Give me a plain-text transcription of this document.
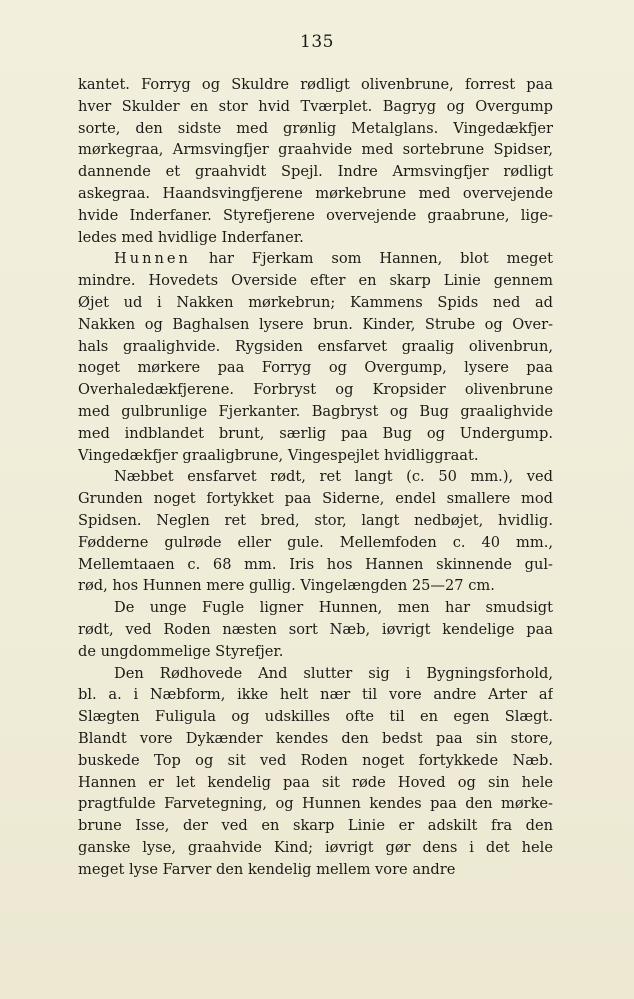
135
kantet. Forryg og Skuldre rødligt olivenbrune, forrest paa
hver Skulder en stor hvid Tværplet. Bagryg og Overgump
sorte, den sidste med grønlig Metalglans. Vingedækfjer
mørkegraa, Armsvingfjer graahvide med sortebrune Spidser,
dannende et graahvidt Spejl. Indre Armsvingfjer rødligt
askegraa. Haandsvingfjerene mørkebrune med overvejende
hvide Inderfaner. Styrefjerene overvejende graabrune, lige-
ledes med hvidlige Inderfaner.
Hunnen har Fjerkam som Hannen, blot meget
mindre. Hovedets Overside efter en skarp Linie gennem
Øjet ud i Nakken mørkebrun; Kammens Spids ned ad
Nakken og Baghalsen lysere brun. Kinder, Strube og Over-
hals graalighvide. Rygsiden ensfarvet graalig olivenbrun,
noget mørkere paa Forryg og Overgump, lysere paa
Overhaledækfjerene. Forbryst og Kropsider olivenbrune
med gulbrunlige Fjerkanter. Bagbryst og Bug graalighvide
med indblandet brunt, særlig paa Bug og Undergump.
Vingedækfjer graaligbrune, Vingespejlet hvidliggraat.
Næbbet ensfarvet rødt, ret langt (c. 50 mm.), ved
Grunden noget fortykket paa Siderne, endel smallere mod
Spidsen. Neglen ret bred, stor, langt nedbøjet, hvidlig.
Fødderne gulrøde eller gule. Mellemfoden c. 40 mm.,
Mellemtaaen c. 68 mm. Iris hos Hannen skinnende gul-
rød, hos Hunnen mere gullig. Vingelængden 25—27 cm.
De unge Fugle ligner Hunnen, men har smudsigt
rødt, ved Roden næsten sort Næb, iøvrigt kendelige paa
de ungdommelige Styrefjer.
Den Rødhovede And slutter sig i Bygningsforhold,
bl. a. i Næbform, ikke helt nær til vore andre Arter af
Slægten Fuligula og udskilles ofte til en egen Slægt.
Blandt vore Dykænder kendes den bedst paa sin store,
buskede Top og sit ved Roden noget fortykkede Næb.
Hannen er let kendelig paa sit røde Hoved og sin hele
pragtfulde Farvetegning, og Hunnen kendes paa den mørke-
brune Isse, der ved en skarp Linie er adskilt fra den
ganske lyse, graahvide Kind; iøvrigt gør dens i det hele
meget lyse Farver den kendelig mellem vore andre
